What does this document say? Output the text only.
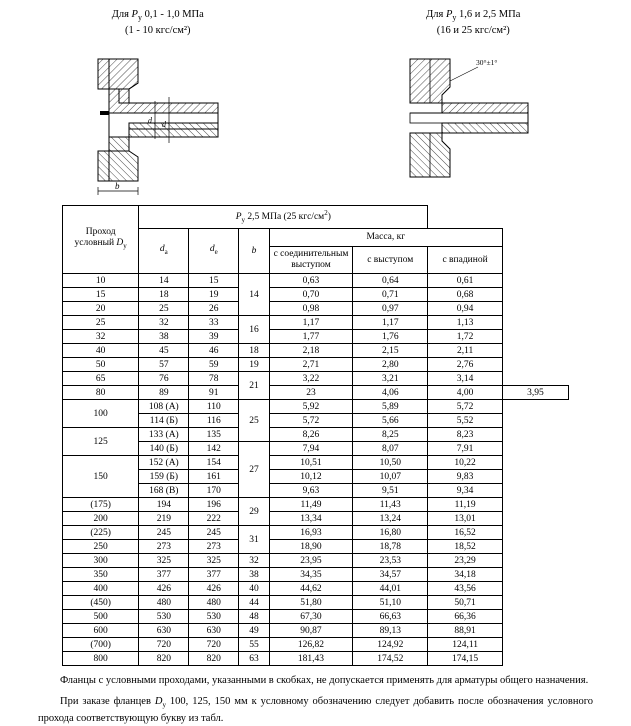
Для $P_у$ 0,1 - 1,0 МПа
(1 - 10 кгс/см²)
d d
b
Для $P_у$ 1,6 и 2,5 МПа
(16 и 25 кгс/см²)
30°±1°
Проход
условный $D_у$	$P_у$ 2,5 МПа (25 кгс/$см^2$)						
	$d_а$	$d_е$	b	Масса, кг			
				с соединительным выступом	с выступом	с впадиной	
10	14	15	14	0,63	0,64	0,61	
15	18	19		0,70	0,71	0,68	
20	25	26		0,98	0,97	0,94	
25	32	33	16	1,17	1,17	1,13	
32	38	39		1,77	1,76	1,72	
40	45	46	18	2,18	2,15	2,11	
50	57	59	19	2,71	2,80	2,76	
65	76	78	21	3,22	3,21	3,14	
80	89	91		23	4,06	4,00	3,95
100	108 (А)	110	25	5,92	5,89	5,72	
	114 (Б)	116		5,72	5,66	5,52	
125	133 (А)	135		8,26	8,25	8,23	
	140 (Б)	142	27	7,94	8,07	7,91	
150	152 (А)	154		10,51	10,50	10,22	
	159 (Б)	161		10,12	10,07	9,83	
	168 (В)	170		9,63	9,51	9,34	
(175)	194	196	29	11,49	11,43	11,19	
200	219	222		13,34	13,24	13,01	
(225)	245	245	31	16,93	16,80	16,52	
250	273	273		18,90	18,78	18,52	
300	325	325	32	23,95	23,53	23,29	
350	377	377	38	34,35	34,57	34,18	
400	426	426	40	44,62	44,01	43,56	
(450)	480	480	44	51,80	51,10	50,71	
500	530	530	48	67,30	66,63	66,36	
600	630	630	49	90,87	89,13	88,91	
(700)	720	720	55	126,82	124,92	124,11	
800	820	820	63	181,43	174,52	174,15	

Фланцы с условными проходами, указанными в скобках, не допускается применять для арматуры общего назначения.

При заказе фланцев $D_у$ 100, 125, 150 мм к условному обозначению следует добавить после обозначения условного прохода соответствующую букву из табл.
